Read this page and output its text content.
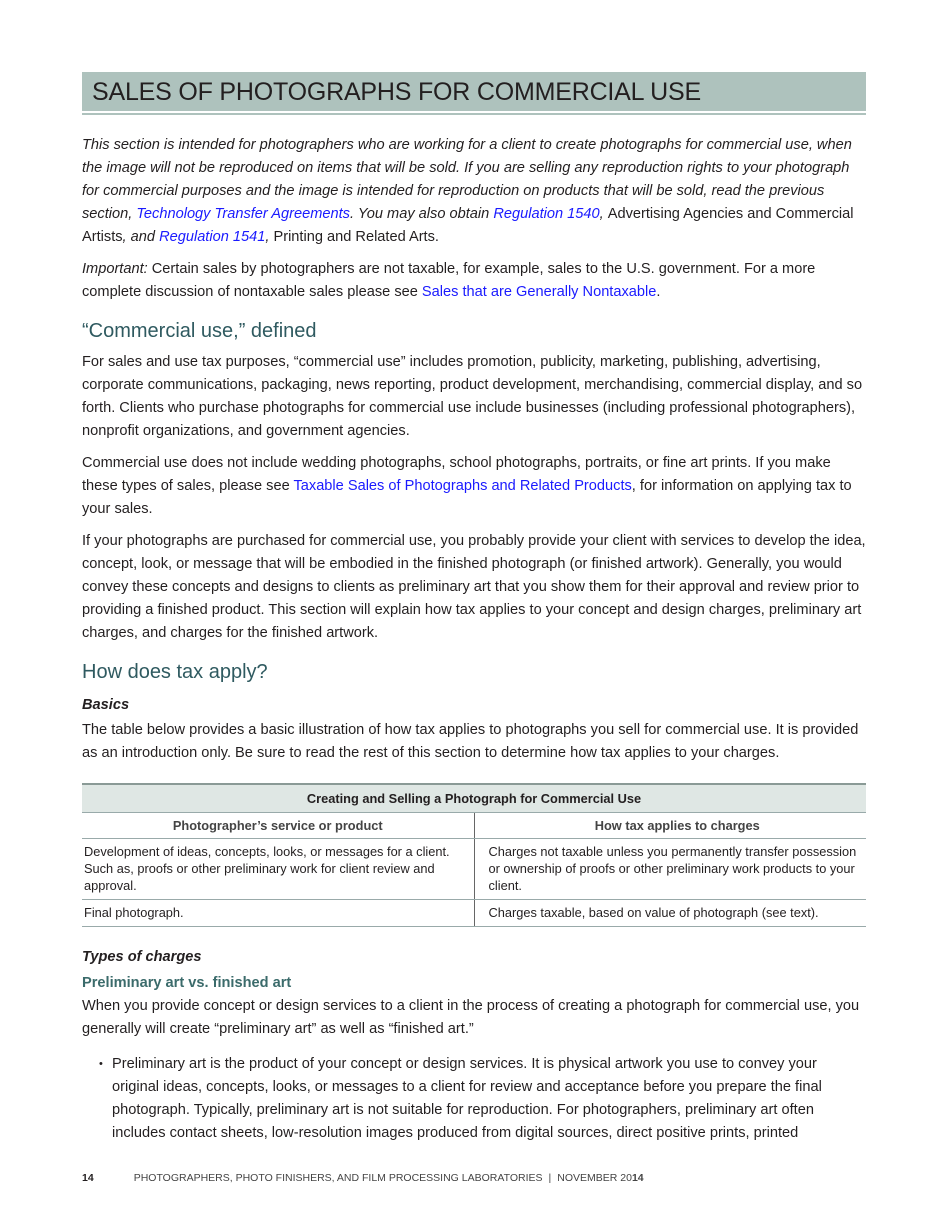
SALES OF PHOTOGRAPHS FOR COMMERCIAL USE

This section is intended for photographers who are working for a client to create photographs for commercial use, when the image will not be reproduced on items that will be sold. If you are selling any reproduction rights to your photograph for commercial purposes and the image is intended for reproduction on products that will be sold, read the previous section, Technology Transfer Agreements. You may also obtain Regulation 1540, Advertising Agencies and Commercial Artists, and Regulation 1541, Printing and Related Arts.

Important: Certain sales by photographers are not taxable, for example, sales to the U.S. government. For a more complete discussion of nontaxable sales please see Sales that are Generally Nontaxable.

“Commercial use,” defined

For sales and use tax purposes, “commercial use” includes promotion, publicity, marketing, publishing, advertising, corporate communications, packaging, news reporting, product development, merchandising, commercial display, and so forth. Clients who purchase photographs for commercial use include businesses (including professional photographers), nonprofit organizations, and government agencies.

Commercial use does not include wedding photographs, school photographs, portraits, or fine art prints. If you make these types of sales, please see Taxable Sales of Photographs and Related Products, for information on applying tax to your sales.

If your photographs are purchased for commercial use, you probably provide your client with services to develop the idea, concept, look, or message that will be embodied in the finished photograph (or finished artwork). Generally, you would convey these concepts and designs to clients as preliminary art that you show them for their approval and review prior to providing a finished product. This section will explain how tax applies to your concept and design charges, preliminary art charges, and charges for the finished artwork.

How does tax apply?
Basics

The table below provides a basic illustration of how tax applies to photographs you sell for commercial use. It is provided as an introduction only. Be sure to read the rest of this section to determine how tax applies to your charges.

Creating and Selling a Photograph for Commercial Use	
Photographer’s service or product	How tax applies to charges
Development of ideas, concepts, looks, or messages for a client. Such as, proofs or other preliminary work for client review and approval.	Charges not taxable unless you permanently transfer possession or ownership of proofs or other preliminary work products to your client.
Final photograph.	Charges taxable, based on value of photograph (see text).
Types of charges
Preliminary art vs. finished art

When you provide concept or design services to a client in the process of creating a photograph for commercial use, you generally will create “preliminary art” as well as “finished art.”

• Preliminary art is the product of your concept or design services. It is physical artwork you use to convey your original ideas, concepts, looks, or messages to a client for review and acceptance before you prepare the final photograph. Typically, preliminary art is not suitable for reproduction. For photographers, preliminary art often includes contact sheets, low-resolution images produced from digital sources, direct positive prints, printed
14	PHOTOGRAPHERS, PHOTO FINISHERS, AND FILM PROCESSING LABORATORIES | NOVEMBER 2014
